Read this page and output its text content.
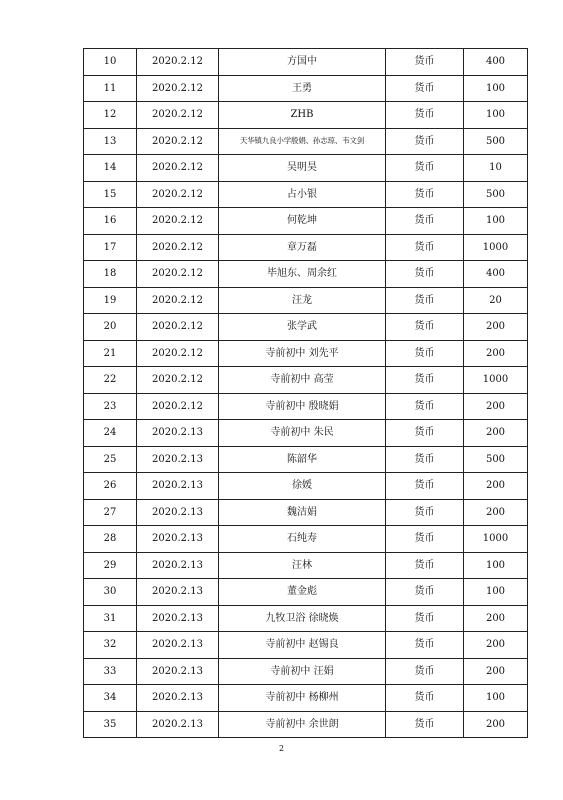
10	2020.2.12	方国中	货币	400
11	2020.2.12	王勇	货币	100
12	2020.2.12	ZHB	货币	100
13	2020.2.12	天华镇九良小学殷娟、孙志琼、韦文剑	货币	500
14	2020.2.12	吴明昊	货币	10
15	2020.2.12	占小银	货币	500
16	2020.2.12	何乾坤	货币	100
17	2020.2.12	章万磊	货币	1000
18	2020.2.12	毕旭东、周余红	货币	400
19	2020.2.12	汪龙	货币	20
20	2020.2.12	张学武	货币	200
21	2020.2.12	寺前初中 刘先平	货币	200
22	2020.2.12	寺前初中 高莹	货币	1000
23	2020.2.12	寺前初中 殷晓娟	货币	200
24	2020.2.13	寺前初中 朱民	货币	200
25	2020.2.13	陈韶华	货币	500
26	2020.2.13	徐媛	货币	200
27	2020.2.13	魏洁娟	货币	200
28	2020.2.13	石纯寿	货币	1000
29	2020.2.13	汪林	货币	100
30	2020.2.13	董金彪	货币	100
31	2020.2.13	九牧卫浴 徐晓焕	货币	200
32	2020.2.13	寺前初中 赵锡良	货币	200
33	2020.2.13	寺前初中 汪娟	货币	200
34	2020.2.13	寺前初中 杨柳州	货币	100
35	2020.2.13	寺前初中 余世朗	货币	200
2
